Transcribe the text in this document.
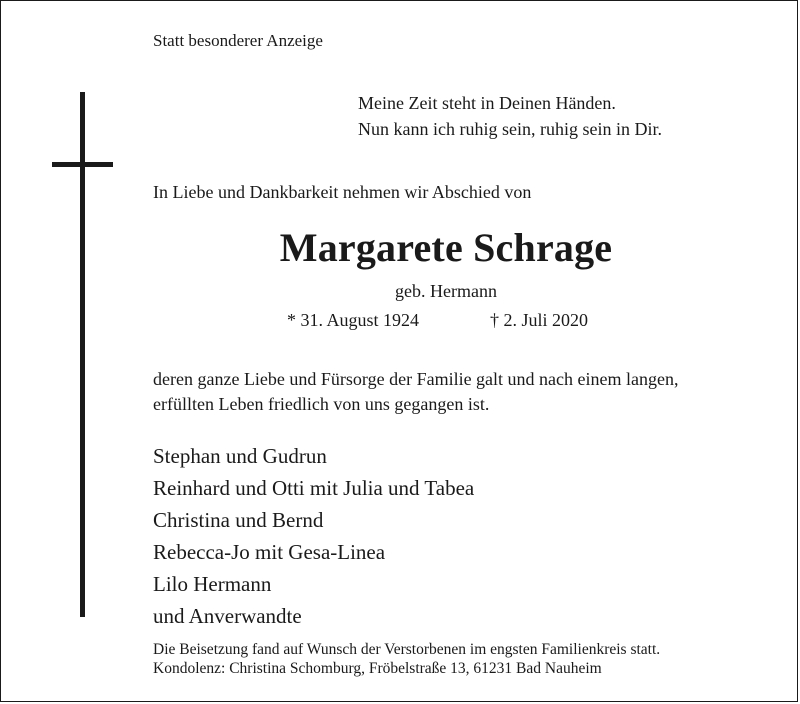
Statt besonderer Anzeige
Meine Zeit steht in Deinen Händen.
Nun kann ich ruhig sein, ruhig sein in Dir.
In Liebe und Dankbarkeit nehmen wir Abschied von
Margarete Schrage
geb. Hermann
* 31. August 1924	† 2. Juli 2020
deren ganze Liebe und Fürsorge der Familie galt und nach einem langen,
erfüllten Leben friedlich von uns gegangen ist.
Stephan und Gudrun
Reinhard und Otti mit Julia und Tabea
Christina und Bernd
Rebecca-Jo mit Gesa-Linea
Lilo Hermann
und Anverwandte
Die Beisetzung fand auf Wunsch der Verstorbenen im engsten Familienkreis statt.
Kondolenz: Christina Schomburg, Fröbelstraße 13, 61231 Bad Nauheim
